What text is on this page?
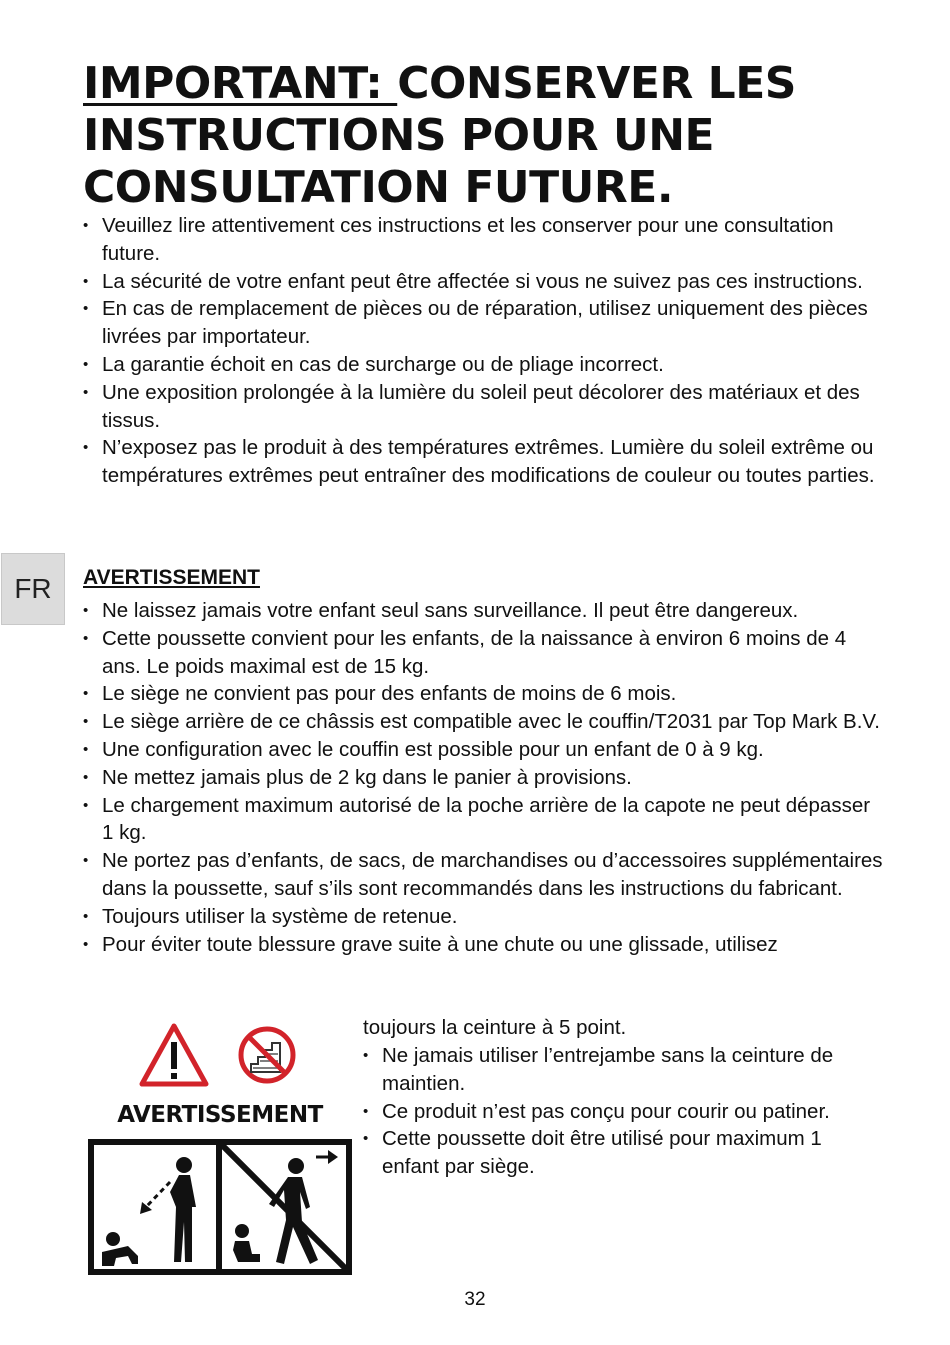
IMPORTANT: CONSERVER LES INSTRUCTIONS POUR UNE CONSULTATION FUTURE.
• Veuillez lire attentivement ces instructions et les conserver pour une consultation future.
• La sécurité de votre enfant peut être affectée si vous ne suivez pas ces instructions.
• En cas de remplacement de pièces ou de réparation, utilisez uniquement des pièces livrées par importateur.
• La garantie échoit en cas de surcharge ou de pliage incorrect.
• Une exposition prolongée à la lumière du soleil peut décolorer des matériaux et des tissus.
• N’exposez pas le produit à des températures extrêmes. Lumière du soleil extrême ou températures extrêmes peut entraîner des modifications de couleur ou toutes parties.
FR	AVERTISSEMENT
• Ne laissez jamais votre enfant seul sans surveillance. Il peut être dangereux.
• Cette poussette convient pour les enfants, de la naissance à environ 6 moins de 4 ans. Le poids maximal est de 15 kg.
• Le siège ne convient pas pour des enfants de moins de 6 mois.
• Le siège arrière de ce châssis est compatible avec le couffin/T2031 par Top Mark B.V.
• Une configuration avec le couffin est possible pour un enfant de 0 à 9 kg.
• Ne mettez jamais plus de 2 kg dans le panier à provisions.
• Le chargement maximum autorisé de la poche arrière de la capote ne peut dépasser 1 kg.
• Ne portez pas d’enfants, de sacs, de marchandises ou d’accessoires supplémentaires dans la poussette, sauf s’ils sont recommandés dans les instructions du fabricant.
• Toujours utiliser la système de retenue.
• Pour éviter toute blessure grave suite à une chute ou une glissade, utilisez

toujours la ceinture à 5 point.

• Ne jamais utiliser l’entrejambe sans la ceinture de maintien.
• Ce produit n’est pas conçu pour courir ou patiner.
• Cette poussette doit être utilisé pour maximum 1 enfant par siège.
AVERTISSEMENT
32
